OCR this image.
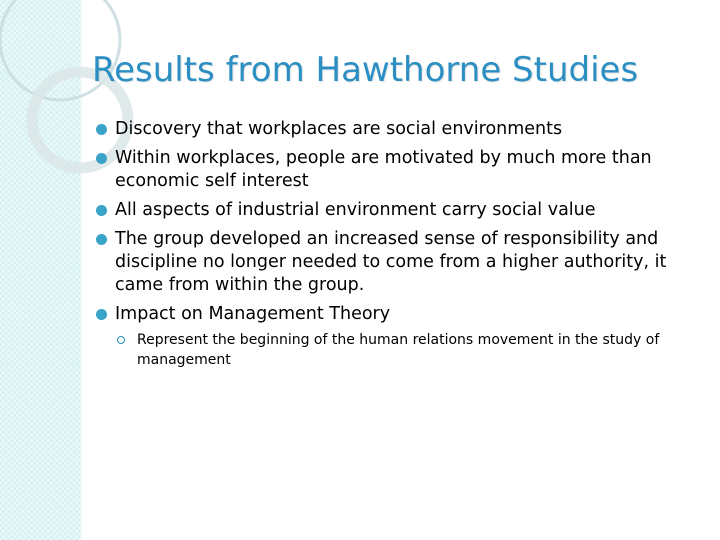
Results from Hawthorne Studies
Discovery that workplaces are social environments
Within workplaces, people are motivated by much more than economic self interest
All aspects of industrial environment carry social value
The group developed an increased sense of responsibility and discipline no longer needed to come from a higher authority, it came from within the group.
Impact on Management Theory
Represent the beginning of the human relations movement in the study of management
